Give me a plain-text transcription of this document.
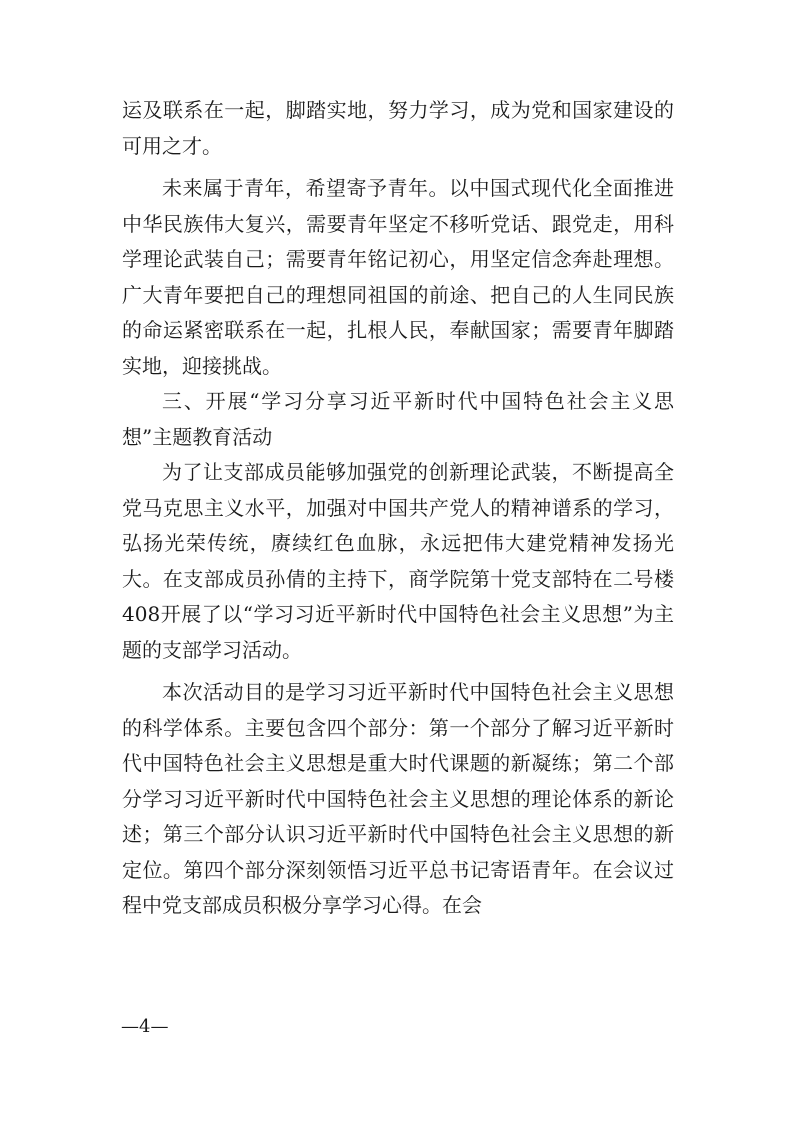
运及联系在一起，脚踏实地，努力学习，成为党和国家建设的可用之才。

未来属于青年，希望寄予青年。以中国式现代化全面推进中华民族伟大复兴，需要青年坚定不移听党话、跟党走，用科学理论武装自己；需要青年铭记初心，用坚定信念奔赴理想。广大青年要把自己的理想同祖国的前途、把自己的人生同民族的命运紧密联系在一起，扎根人民，奉献国家；需要青年脚踏实地，迎接挑战。

三、开展“学习分享习近平新时代中国特色社会主义思想”主题教育活动

为了让支部成员能够加强党的创新理论武装，不断提高全党马克思主义水平，加强对中国共产党人的精神谱系的学习，弘扬光荣传统，赓续红色血脉，永远把伟大建党精神发扬光大。在支部成员孙倩的主持下，商学院第十党支部特在二号楼408开展了以“学习习近平新时代中国特色社会主义思想”为主题的支部学习活动。

本次活动目的是学习习近平新时代中国特色社会主义思想的科学体系。主要包含四个部分：第一个部分了解习近平新时代中国特色社会主义思想是重大时代课题的新凝练；第二个部分学习习近平新时代中国特色社会主义思想的理论体系的新论述；第三个部分认识习近平新时代中国特色社会主义思想的新定位。第四个部分深刻领悟习近平总书记寄语青年。在会议过程中党支部成员积极分享学习心得。在会

—4—
